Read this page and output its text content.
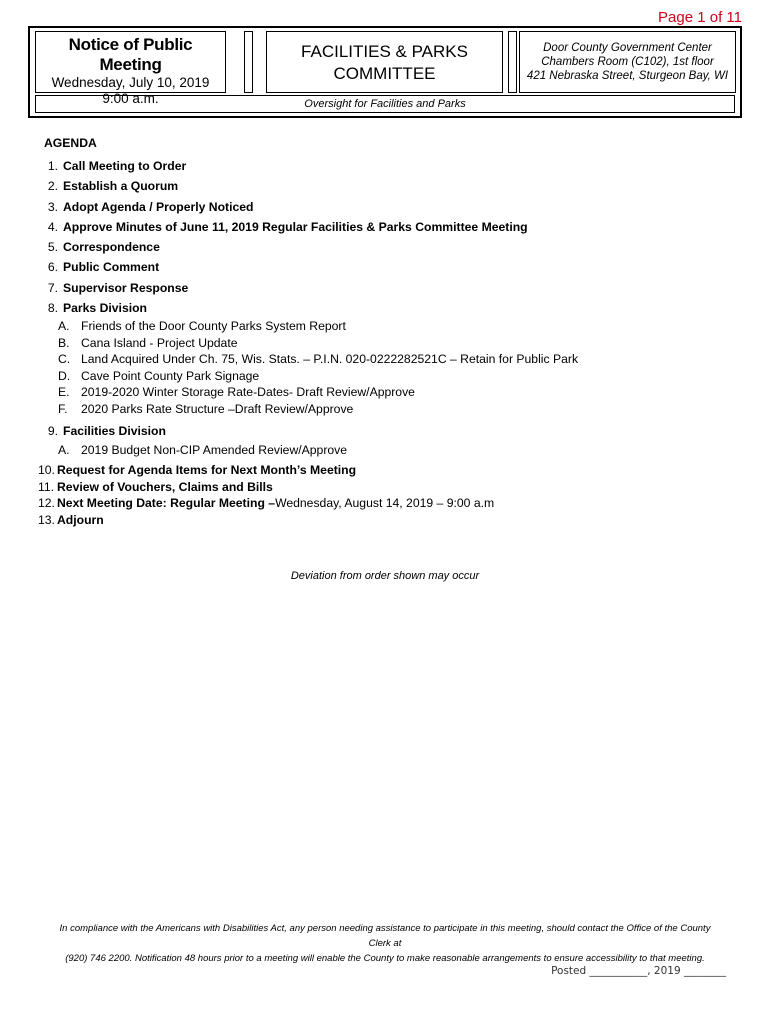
Page 1 of 11
Notice of Public Meeting
Wednesday, July 10, 2019
9:00 a.m.
FACILITIES & PARKS
COMMITTEE
Door County Government Center
Chambers Room (C102), 1st floor
421 Nebraska Street, Sturgeon Bay, WI
Oversight for Facilities and Parks
AGENDA
1. Call Meeting to Order
2. Establish a Quorum
3. Adopt Agenda / Properly Noticed
4. Approve Minutes of June 11, 2019 Regular Facilities & Parks Committee Meeting
5. Correspondence
6. Public Comment
7. Supervisor Response
8. Parks Division
A. Friends of the Door County Parks System Report
B. Cana Island - Project Update
C. Land Acquired Under Ch. 75, Wis. Stats. – P.I.N. 020-0222282521C – Retain for Public Park
D. Cave Point County Park Signage
E. 2019-2020 Winter Storage Rate-Dates- Draft Review/Approve
F.	2020 Parks Rate Structure –Draft Review/Approve
9. Facilities Division
A. 2019 Budget Non-CIP Amended Review/Approve
10. Request for Agenda Items for Next Month’s Meeting
11. Review of Vouchers, Claims and Bills
12. Next Meeting Date: Regular Meeting – Wednesday, August 14, 2019 – 9:00 a.m
13. Adjourn
Deviation from order shown may occur
In compliance with the Americans with Disabilities Act, any person needing assistance to participate in this meeting, should contact the Office of the County Clerk at
(920) 746 2200. Notification 48 hours prior to a meeting will enable the County to make reasonable arrangements to ensure accessibility to that meeting.
Posted ___________, 2019 ________
